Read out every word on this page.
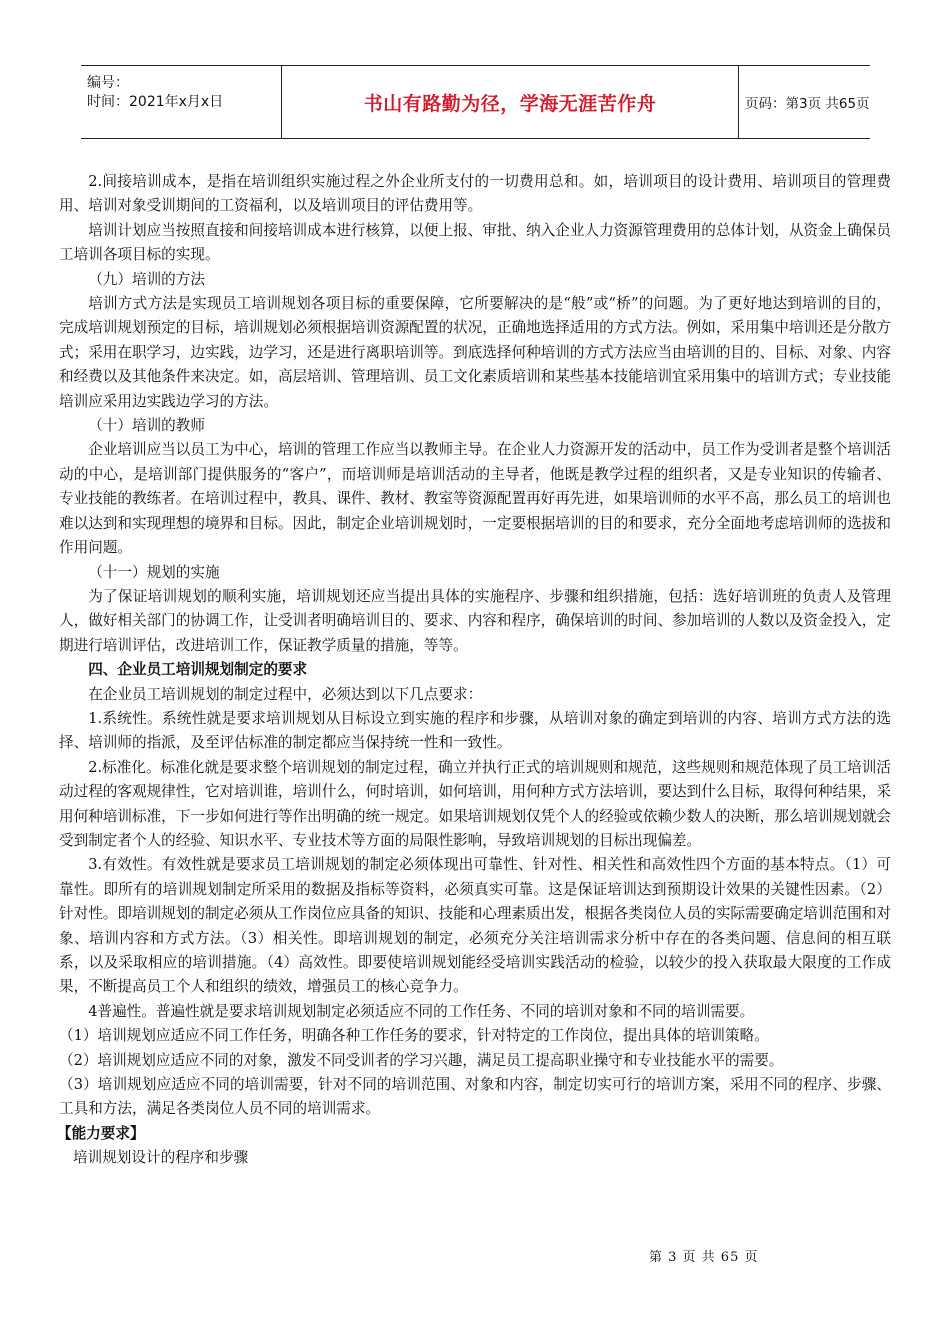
编号：
时间：2021年x月x日	书山有路勤为径，学海无涯苦作舟	页码：第3页 共65页

2.间接培训成本，是指在培训组织实施过程之外企业所支付的一切费用总和。如，培训项目的设计费用、培训项目的管理费用、培训对象受训期间的工资福利，以及培训项目的评估费用等。

培训计划应当按照直接和间接培训成本进行核算，以便上报、审批、纳入企业人力资源管理费用的总体计划，从资金上确保员工培训各项目标的实现。

（九）培训的方法

培训方式方法是实现员工培训规划各项目标的重要保障，它所要解决的是“般”或“桥”的问题。为了更好地达到培训的目的，完成培训规划预定的目标，培训规划必须根据培训资源配置的状况，正确地选择适用的方式方法。例如，采用集中培训还是分散方式；采用在职学习，边实践，边学习，还是进行离职培训等。到底选择何种培训的方式方法应当由培训的目的、目标、对象、内容和经费以及其他条件来决定。如，高层培训、管理培训、员工文化素质培训和某些基本技能培训宜采用集中的培训方式；专业技能培训应采用边实践边学习的方法。

（十）培训的教师

企业培训应当以员工为中心，培训的管理工作应当以教师主导。在企业人力资源开发的活动中，员工作为受训者是整个培训活动的中心，是培训部门提供服务的“客户”，而培训师是培训活动的主导者，他既是教学过程的组织者，又是专业知识的传输者、专业技能的教练者。在培训过程中，教具、课件、教材、教室等资源配置再好再先进，如果培训师的水平不高，那么员工的培训也难以达到和实现理想的境界和目标。因此，制定企业培训规划时，一定要根据培训的目的和要求，充分全面地考虑培训师的选拔和作用问题。

（十一）规划的实施

为了保证培训规划的顺利实施，培训规划还应当提出具体的实施程序、步骤和组织措施，包括：选好培训班的负责人及管理人，做好相关部门的协调工作，让受训者明确培训目的、要求、内容和程序，确保培训的时间、参加培训的人数以及资金投入，定期进行培训评估，改进培训工作，保证教学质量的措施，等等。

四、企业员工培训规划制定的要求

在企业员工培训规划的制定过程中，必须达到以下几点要求：

1.系统性。系统性就是要求培训规划从目标设立到实施的程序和步骤，从培训对象的确定到培训的内容、培训方式方法的选择、培训师的指派，及至评估标准的制定都应当保持统一性和一致性。

2.标准化。标准化就是要求整个培训规划的制定过程，确立并执行正式的培训规则和规范，这些规则和规范体现了员工培训活动过程的客观规律性，它对培训谁，培训什么，何时培训，如何培训，用何种方式方法培训，要达到什么目标，取得何种结果，采用何种培训标准，下一步如何进行等作出明确的统一规定。如果培训规划仅凭个人的经验或依赖少数人的决断，那么培训规划就会受到制定者个人的经验、知识水平、专业技术等方面的局限性影响，导致培训规划的目标出现偏差。

3.有效性。有效性就是要求员工培训规划的制定必须体现出可靠性、针对性、相关性和高效性四个方面的基本特点。（1）可靠性。即所有的培训规划制定所采用的数据及指标等资料，必须真实可靠。这是保证培训达到预期设计效果的关键性因素。（2）针对性。即培训规划的制定必须从工作岗位应具备的知识、技能和心理素质出发，根据各类岗位人员的实际需要确定培训范围和对象、培训内容和方式方法。（3）相关性。即培训规划的制定，必须充分关注培训需求分析中存在的各类问题、信息间的相互联系，以及采取相应的培训措施。（4）高效性。即要使培训规划能经受培训实践活动的检验，以较少的投入获取最大限度的工作成果，不断提高员工个人和组织的绩效，增强员工的核心竞争力。

4普遍性。普遍性就是要求培训规划制定必须适应不同的工作任务、不同的培训对象和不同的培训需要。

（1）培训规划应适应不同工作任务，明确各种工作任务的要求，针对特定的工作岗位，提出具体的培训策略。

（2）培训规划应适应不同的对象，激发不同受训者的学习兴趣，满足员工提高职业操守和专业技能水平的需要。

（3）培训规划应适应不同的培训需要，针对不同的培训范围、对象和内容，制定切实可行的培训方案，采用不同的程序、步骤、工具和方法，满足各类岗位人员不同的培训需求。

【能力要求】

培训规划设计的程序和步骤

第 3 页 共 65 页
